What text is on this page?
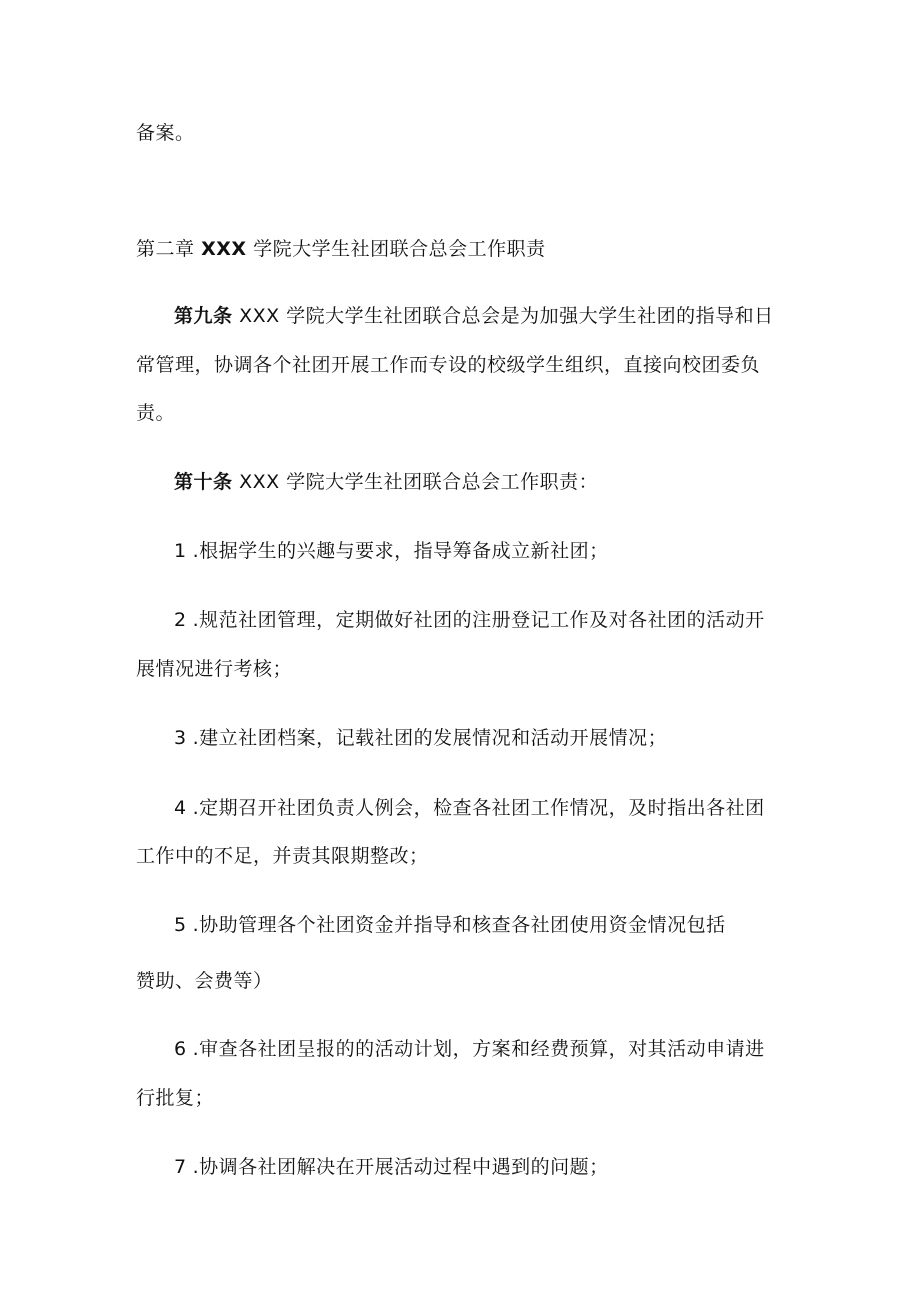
备案。
第二章 XXX 学院大学生社团联合总会工作职责
第九条 XXX 学院大学生社团联合总会是为加强大学生社团的指导和日
常管理，协调各个社团开展工作而专设的校级学生组织，直接向校团委负
责。
第十条 XXX 学院大学生社团联合总会工作职责：
1 .根据学生的兴趣与要求，指导筹备成立新社团；
2 .规范社团管理，定期做好社团的注册登记工作及对各社团的活动开
展情况进行考核；
3 .建立社团档案，记载社团的发展情况和活动开展情况；
4 .定期召开社团负责人例会，检查各社团工作情况，及时指出各社团
工作中的不足，并责其限期整改；
5 .协助管理各个社团资金并指导和核查各社团使用资金情况包括
赞助、会费等）
6 .审查各社团呈报的的活动计划，方案和经费预算，对其活动申请进
行批复；
7 .协调各社团解决在开展活动过程中遇到的问题；
